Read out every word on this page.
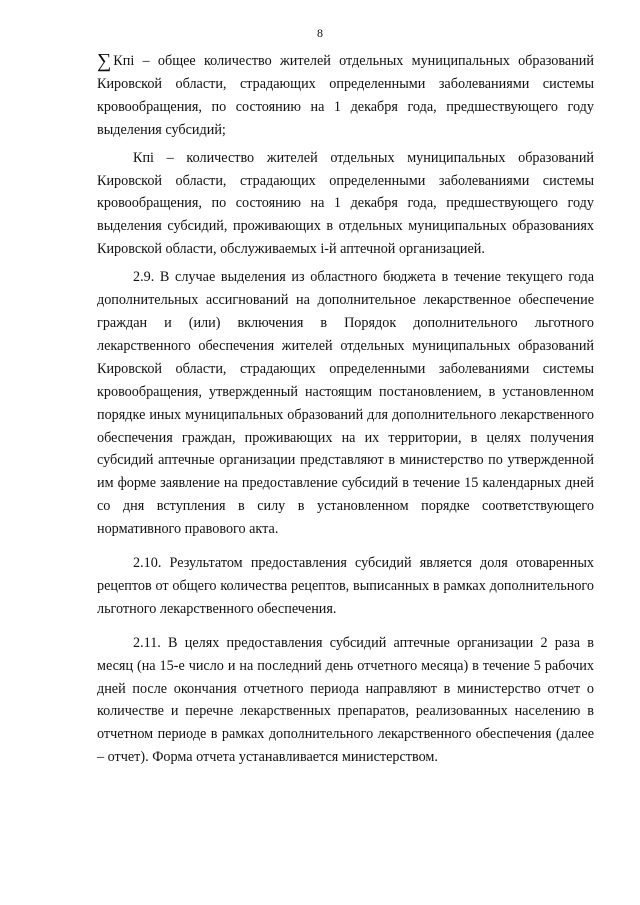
8

∑ Кпi – общее количество жителей отдельных муниципальных образований Кировской области, страдающих определенными заболеваниями системы кровообращения, по состоянию на 1 декабря года, предшествующего году выделения субсидий;

Кпi – количество жителей отдельных муниципальных образований Кировской области, страдающих определенными заболеваниями системы кровообращения, по состоянию на 1 декабря года, предшествующего году выделения субсидий, проживающих в отдельных муниципальных образованиях Кировской области, обслуживаемых i-й аптечной организацией.

2.9. В случае выделения из областного бюджета в течение текущего года дополнительных ассигнований на дополнительное лекарственное обеспечение граждан и (или) включения в Порядок дополнительного льготного лекарственного обеспечения жителей отдельных муниципальных образований Кировской области, страдающих определенными заболеваниями системы кровообращения, утвержденный настоящим постановлением, в установленном порядке иных муниципальных образований для дополнительного лекарственного обеспечения граждан, проживающих на их территории, в целях получения субсидий аптечные организации представляют в министерство по утвержденной им форме заявление на предоставление субсидий в течение 15 календарных дней со дня вступления в силу в установленном порядке соответствующего нормативного правового акта.

2.10. Результатом предоставления субсидий является доля отоваренных рецептов от общего количества рецептов, выписанных в рамках дополнительного льготного лекарственного обеспечения.

2.11. В целях предоставления субсидий аптечные организации 2 раза в месяц (на 15-е число и на последний день отчетного месяца) в течение 5 рабочих дней после окончания отчетного периода направляют в министерство отчет о количестве и перечне лекарственных препаратов, реализованных населению в отчетном периоде в рамках дополнительного лекарственного обеспечения (далее – отчет). Форма отчета устанавливается министерством.
